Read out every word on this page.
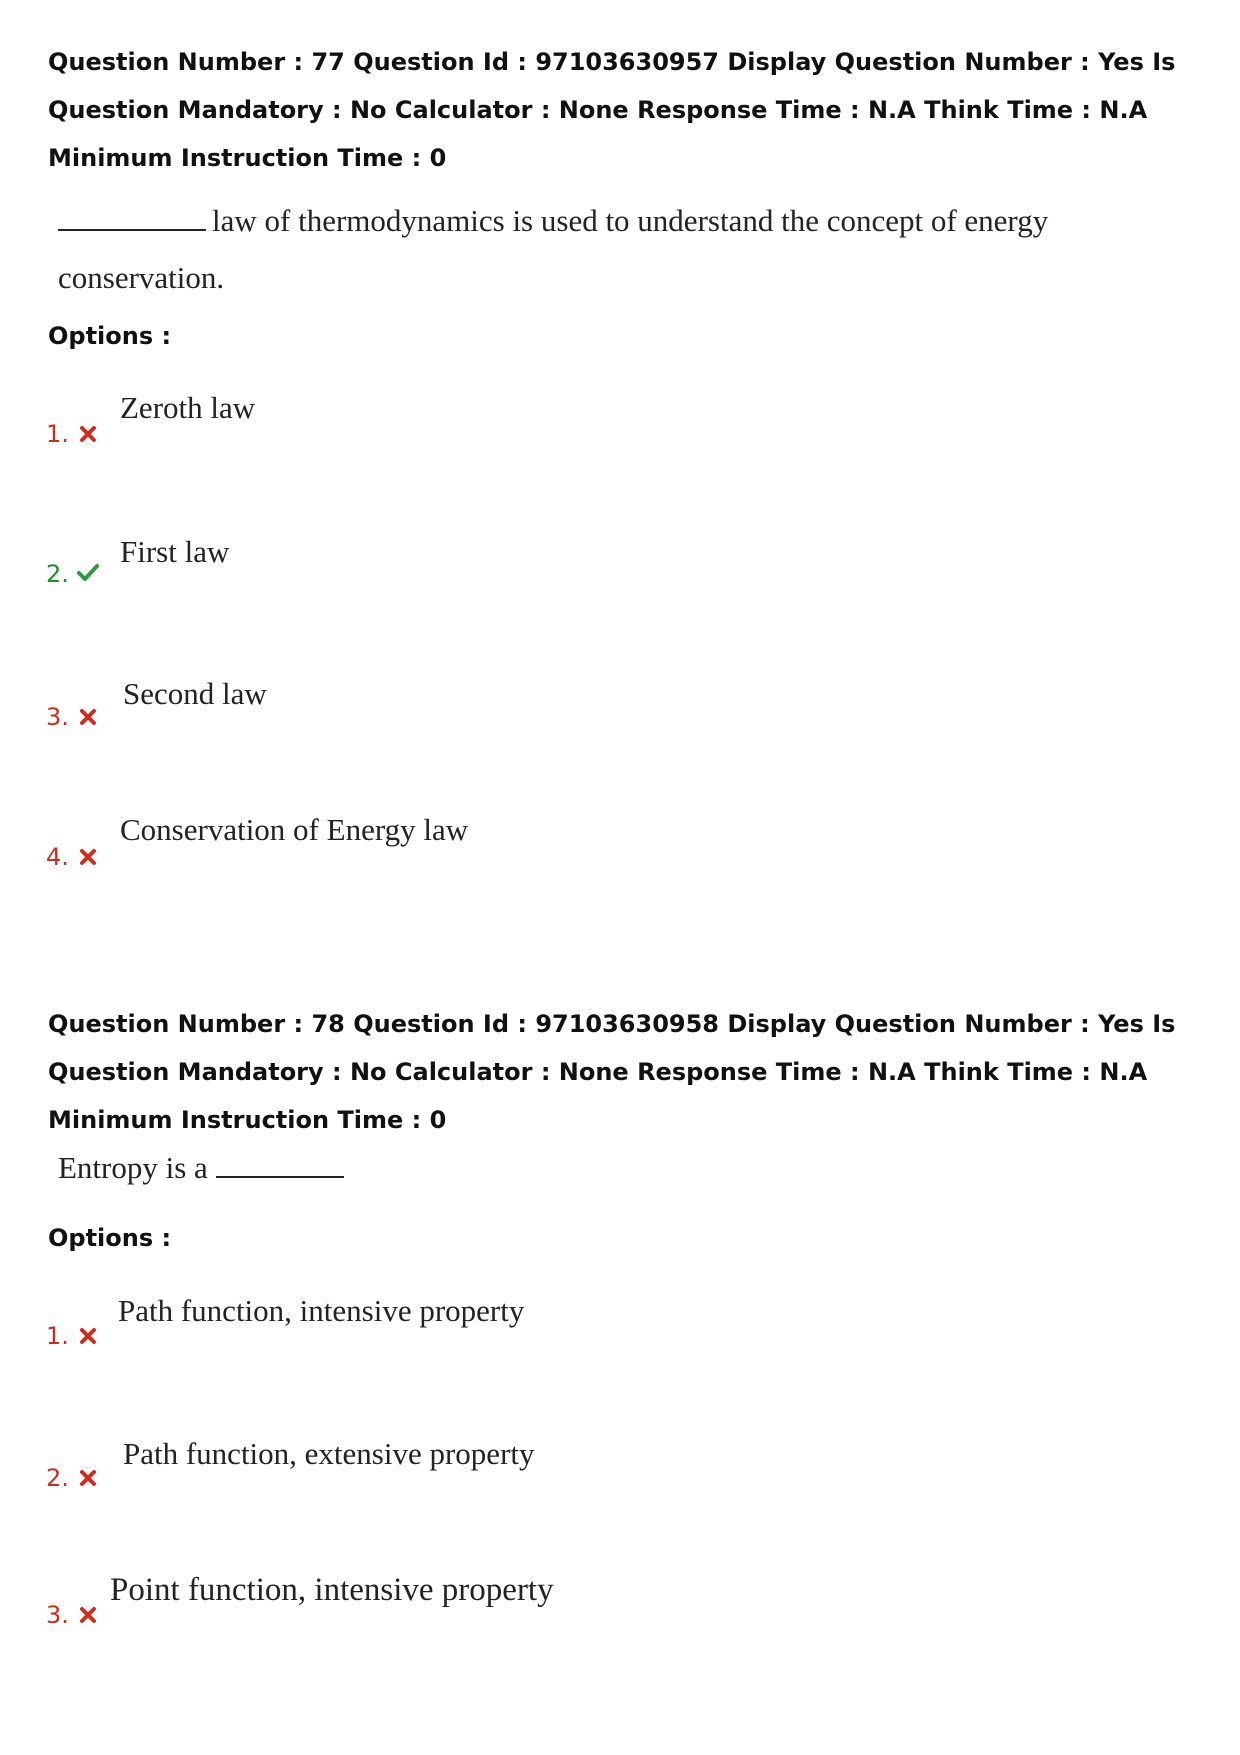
Question Number : 77 Question Id : 97103630957 Display Question Number : Yes Is Question Mandatory : No Calculator : None Response Time : N.A Think Time : N.A Minimum Instruction Time : 0

law of thermodynamics is used to understand the concept of energy

conservation.

Options :

1.
Zeroth law
2.
First law
3.
Second law
4.
Conservation of Energy law

Question Number : 78 Question Id : 97103630958 Display Question Number : Yes Is Question Mandatory : No Calculator : None Response Time : N.A Think Time : N.A Minimum Instruction Time : 0

Entropy is a

Options :

1.
Path function, intensive property
2.
Path function, extensive property
3.
Point function, intensive property
